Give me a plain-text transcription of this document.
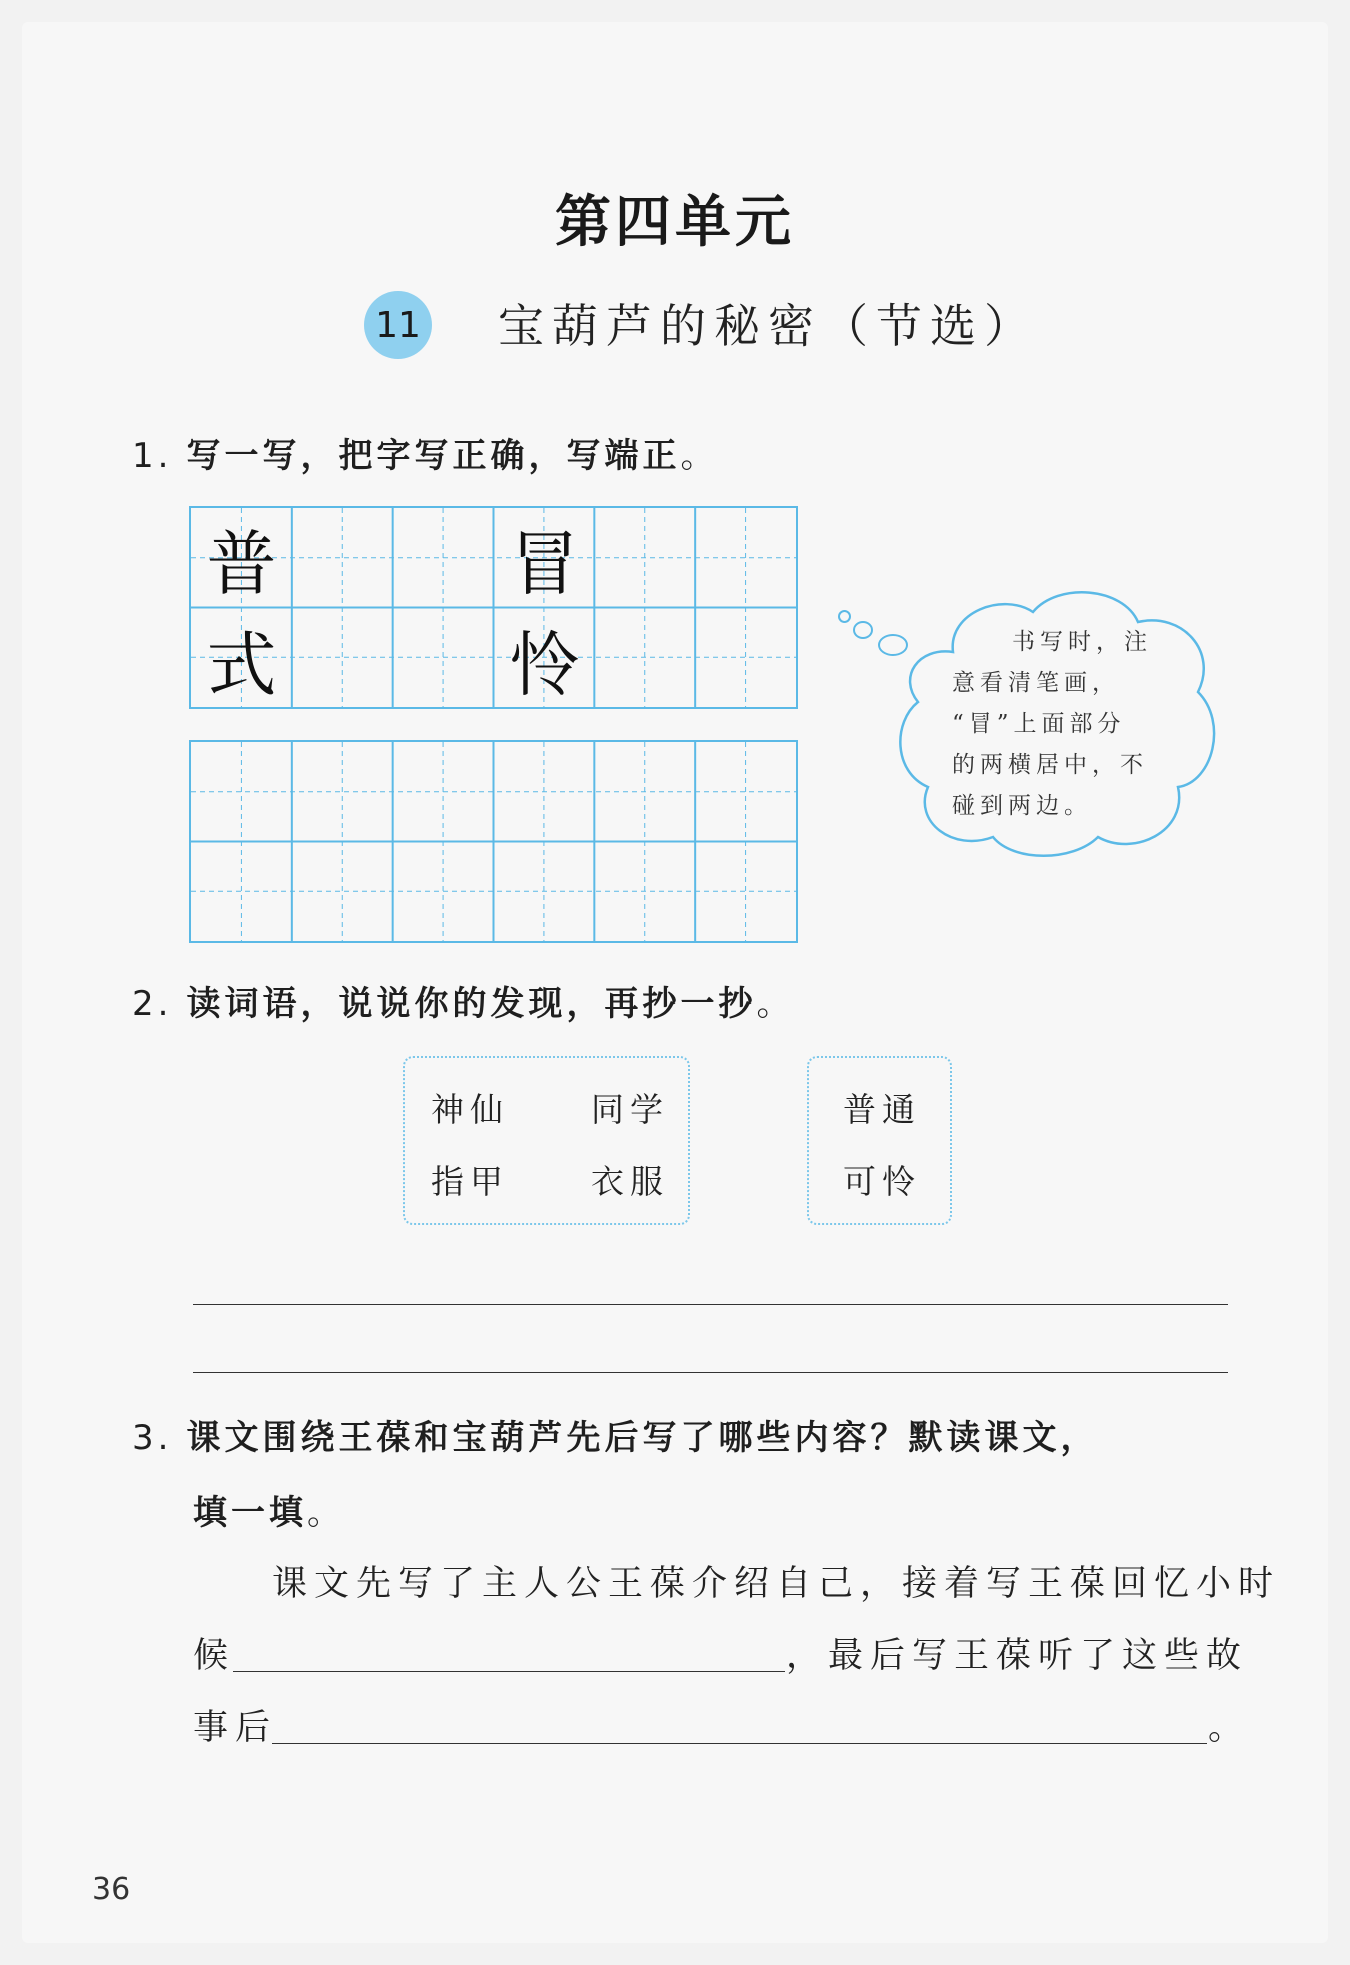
第四单元
11 宝葫芦的秘密（节选）
1. 写一写，把字写正确，写端正。
普	冒
式	怜	书写时，注
意看清笔画，
“冒”上面部分
的两横居中，不
碰到两边。
2. 读词语，说说你的发现，再抄一抄。
神仙 同学
指甲 衣服
普通
可怜
3. 课文围绕王葆和宝葫芦先后写了哪些内容？默读课文，
填一填。
课文先写了主人公王葆介绍自己，接着写王葆回忆小时
候	，最后写王葆听了这些故
事后	。
36
